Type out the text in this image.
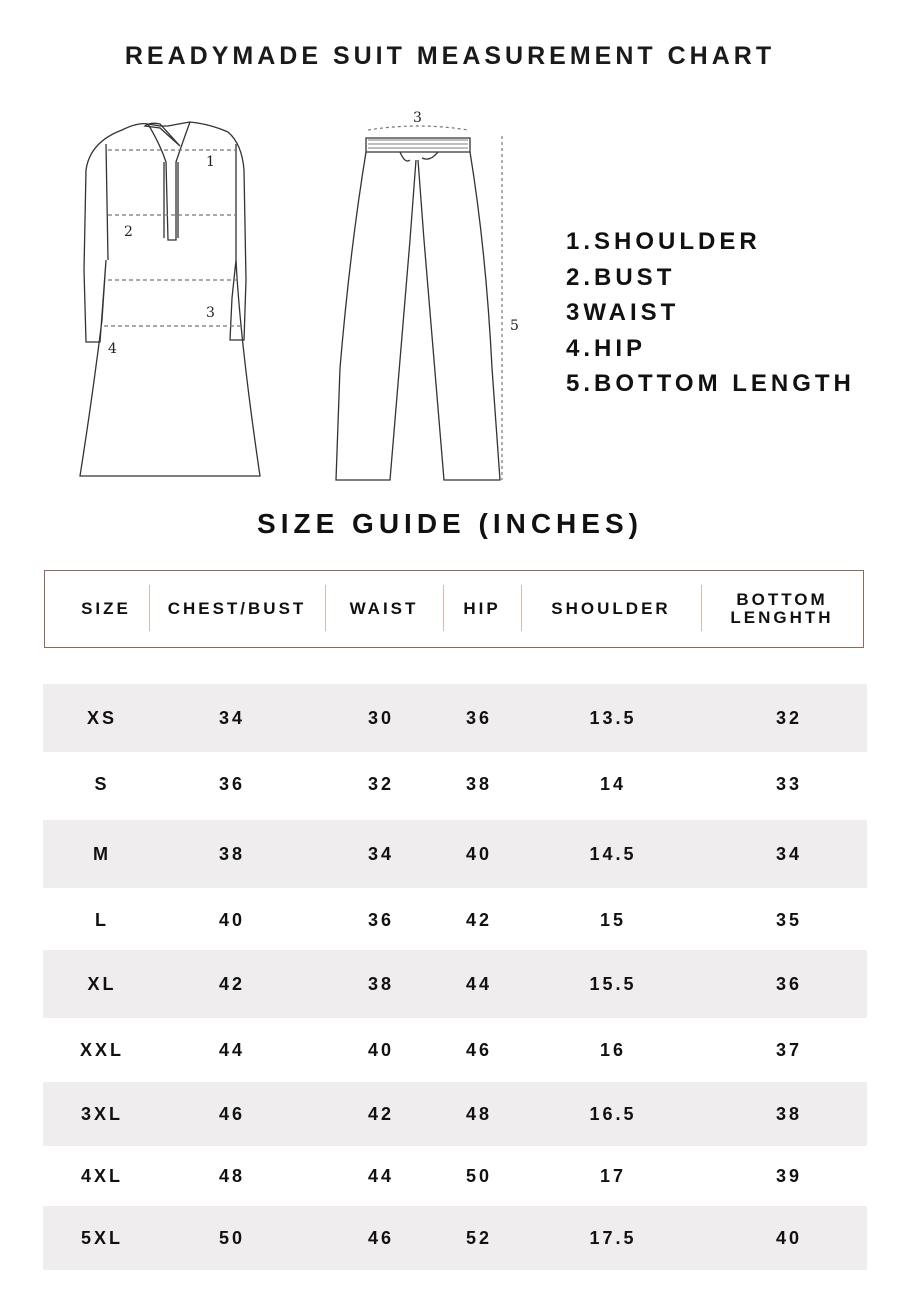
READYMADE SUIT MEASUREMENT CHART
1
2
3
4
3
5
1.SHOULDER
2.BUST
3WAIST
4.HIP
5.BOTTOM LENGTH
SIZE GUIDE (INCHES)
SIZE	CHEST/BUST	WAIST	HIP	SHOULDER	BOTTOM LENGHTH
XS	34	30	36	13.5	32
S	36	32	38	14	33
M	38	34	40	14.5	34
L	40	36	42	15	35
XL	42	38	44	15.5	36
XXL	44	40	46	16	37
3XL	46	42	48	16.5	38
4XL	48	44	50	17	39
5XL	50	46	52	17.5	40
